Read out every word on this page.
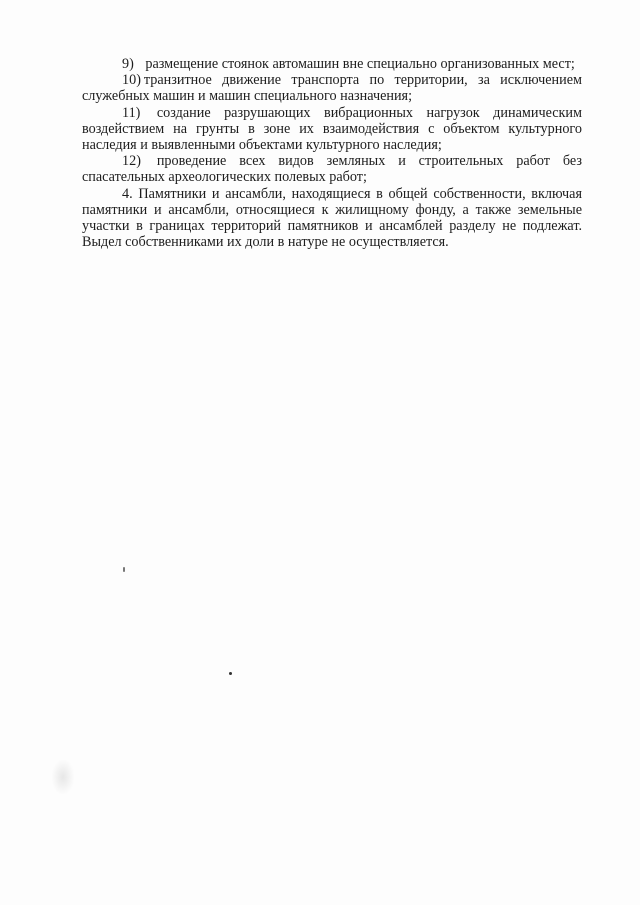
9) размещение стоянок автомашин вне специально организованных мест;

10) транзитное движение транспорта по территории, за исключением служебных машин и машин специального назначения;

11) создание разрушающих вибрационных нагрузок динамическим воздействием на грунты в зоне их взаимодействия с объектом культурного наследия и выявленными объектами культурного наследия;

12) проведение всех видов земляных и строительных работ без спасательных археологических полевых работ;

4. Памятники и ансамбли, находящиеся в общей собственности, включая памятники и ансамбли, относящиеся к жилищному фонду, а также земельные участки в границах территорий памятников и ансамблей разделу не подлежат. Выдел собственниками их доли в натуре не осуществляется.
